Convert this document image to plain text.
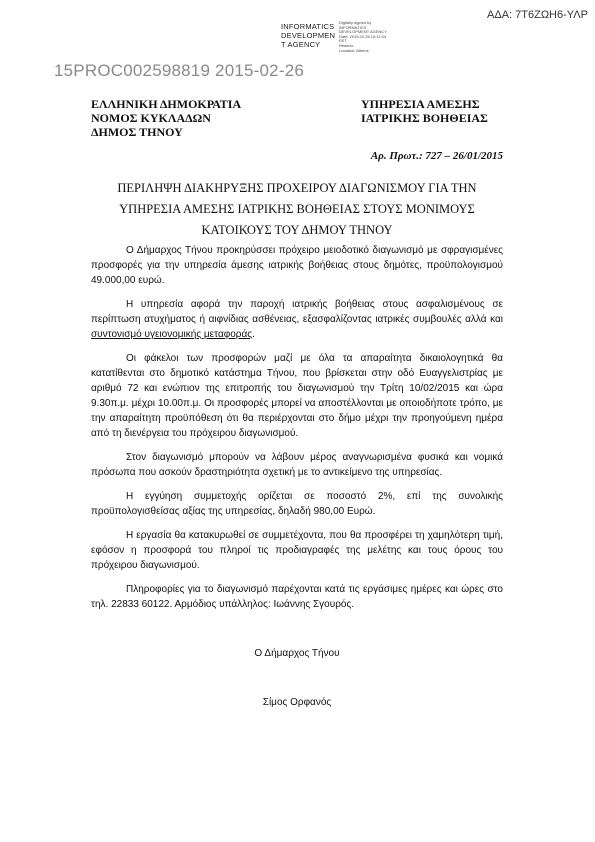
ΑΔΑ: 7Τ6ΖΩΗ6-ΥΛΡ
INFORMATICS
DEVELOPMEN
T AGENCY
Digitally signed by
INFORMATICS
DEVELOPMENT AGENCY
Date: 2015.02.26 10:11:04
EET
Reason:
Location: Athens
15PROC002598819 2015-02-26
ΕΛΛΗΝΙΚΗ ΔΗΜΟΚΡΑΤΙΑ
ΝΟΜΟΣ ΚΥΚΛΑΔΩΝ
ΔΗΜΟΣ ΤΗΝΟΥ
ΥΠΗΡΕΣΙΑ ΑΜΕΣΗΣ
ΙΑΤΡΙΚΗΣ ΒΟΗΘΕΙΑΣ
Αρ. Πρωτ.: 727 – 26/01/2015
ΠΕΡΙΛΗΨΗ ΔΙΑΚΗΡΥΞΗΣ ΠΡΟΧΕΙΡΟΥ ΔΙΑΓΩΝΙΣΜΟΥ ΓΙΑ ΤΗΝ
ΥΠΗΡΕΣΙΑ ΑΜΕΣΗΣ ΙΑΤΡΙΚΗΣ ΒΟΗΘΕΙΑΣ ΣΤΟΥΣ ΜΟΝΙΜΟΥΣ
ΚΑΤΟΙΚΟΥΣ ΤΟΥ ΔΗΜΟΥ ΤΗΝΟΥ

Ο Δήμαρχος Τήνου προκηρύσσει πρόχειρο μειοδοτικό διαγωνισμό με σφραγισμένες προσφορές για την υπηρεσία άμεσης ιατρικής βοήθειας στους δημότες, προϋπολογισμού 49.000,00 ευρώ.

Η υπηρεσία αφορά την παροχή ιατρικής βοήθειας στους ασφαλισμένους σε περίπτωση ατυχήματος ή αιφνίδιας ασθένειας, εξασφαλίζοντας ιατρικές συμβουλές αλλά και συντονισμό υγειονομικής μεταφοράς.

Οι φάκελοι των προσφορών μαζί με όλα τα απαραίτητα δικαιολογητικά θα κατατίθενται στο δημοτικό κατάστημα Τήνου, που βρίσκεται στην οδό Ευαγγελιστρίας με αριθμό 72 και ενώπιον της επιτροπής του διαγωνισμού την Τρίτη 10/02/2015 και ώρα 9.30π.μ. μέχρι 10.00π.μ. Οι προσφορές μπορεί να αποστέλλονται με οποιοδήποτε τρόπο, με την απαραίτητη προϋπόθεση ότι θα περιέρχονται στο δήμο μέχρι την προηγούμενη ημέρα από τη διενέργεια του πρόχειρου διαγωνισμού.

Στον διαγωνισμό μπορούν να λάβουν μέρος αναγνωρισμένα φυσικά και νομικά πρόσωπα που ασκούν δραστηριότητα σχετική με το αντικείμενο της υπηρεσίας.

Η εγγύηση συμμετοχής ορίζεται σε ποσοστό 2%, επί της συνολικής προϋπολογισθείσας αξίας της υπηρεσίας, δηλαδή 980,00 Ευρώ.

Η εργασία θα κατακυρωθεί σε συμμετέχοντα, που θα προσφέρει τη χαμηλότερη τιμή, εφόσον η προσφορά του πληροί τις προδιαγραφές της μελέτης και τους όρους του πρόχειρου διαγωνισμού.

Πληροφορίες για το διαγωνισμό παρέχονται κατά τις εργάσιμες ημέρες και ώρες στο τηλ. 22833 60122. Αρμόδιος υπάλληλος: Ιωάννης Σγουρός.

Ο Δήμαρχος Τήνου
Σίμος Ορφανός
